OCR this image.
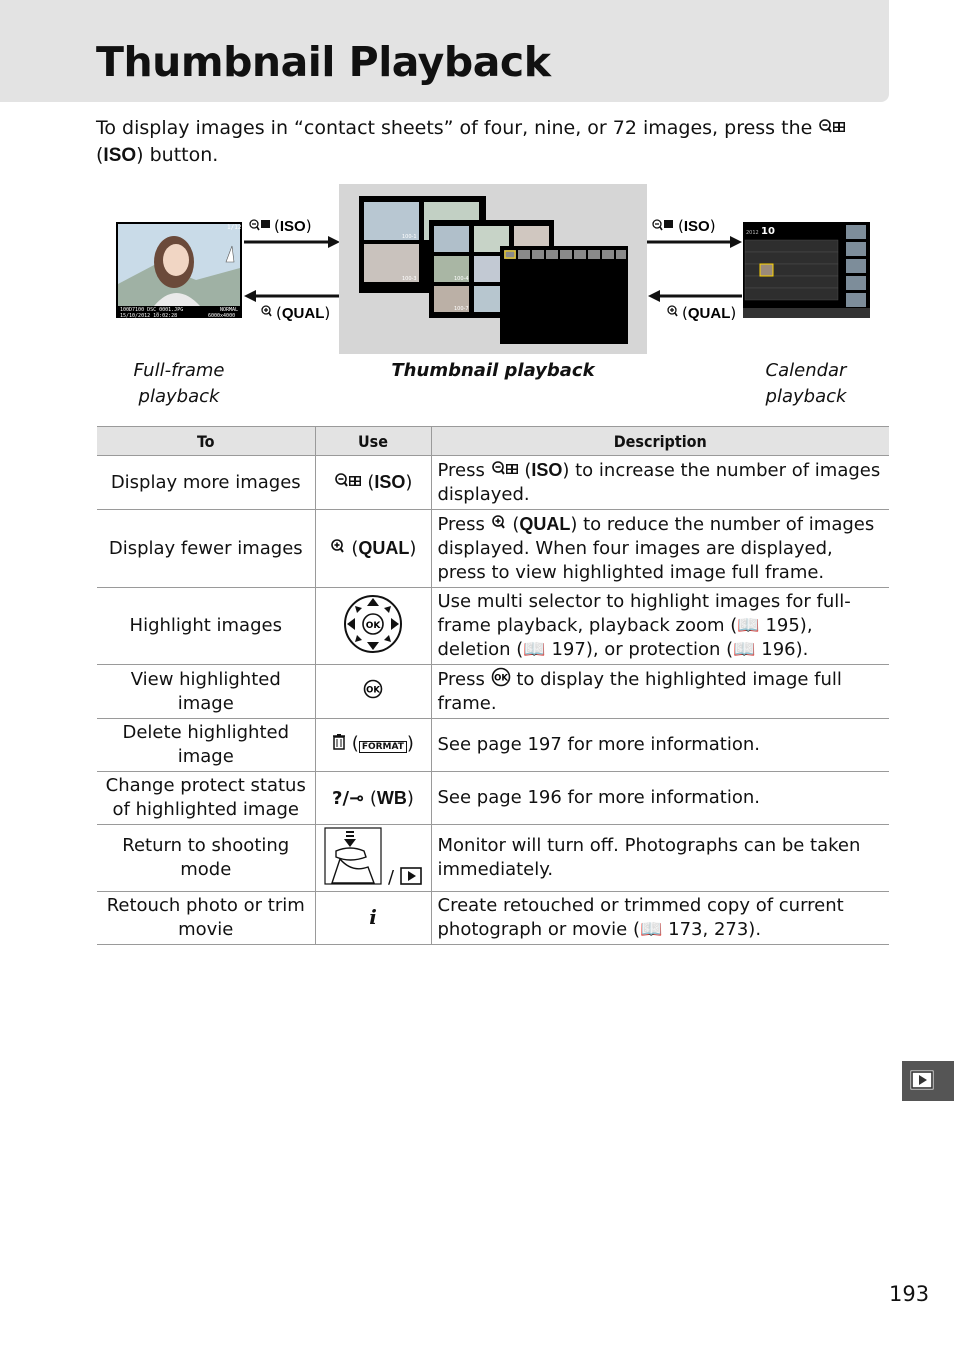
Thumbnail Playback

To display images in “contact sheets” of four, nine, or 72 images, press the  (ISO) button.

1/12
100D7100 DSC_0001.JPG
15/10/2012 10:02:28
NORMAL
6000x4000
(ISO)
(QUAL)
100-1
100-3	100-4
100-7
(ISO)
(QUAL)
2012 10
Full-frame
playback
Thumbnail playback	Calendar
playback
To	Use	Description
Display more images	(ISO)	Press  (ISO) to increase the number of images displayed.
Display fewer images	(QUAL)	Press  (QUAL) to reduce the number of images displayed. When four images are displayed, press to view highlighted image full frame.
Highlight images	OK	Use multi selector to highlight images for full-frame playback, playback zoom (📖 195), deletion (📖 197), or protection (📖 196).
View highlighted image	OK	Press OK to display the highlighted image full frame.
Delete highlighted image	( FORMAT )	See page 197 for more information.
Change protect status of highlighted image	?/⊸ (WB)	See page 196 for more information.
Return to shooting mode	/	Monitor will turn off. Photographs can be taken immediately.
Retouch photo or trim movie	i	Create retouched or trimmed copy of current photograph or movie (📖 173, 273).
193
